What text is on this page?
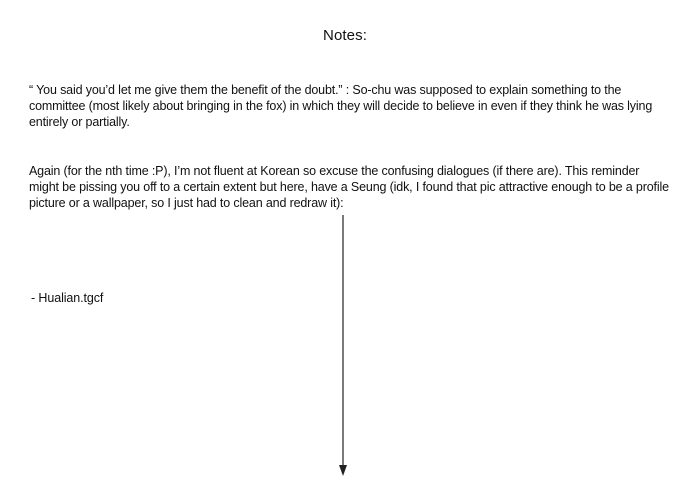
Notes:

“ You said you’d let me give them the benefit of the doubt.” : So-chu was supposed to explain something to the committee (most likely about bringing in the fox) in which they will decide to believe in even if they think he was lying entirely or partially.

Again (for the nth time :P), I’m not fluent at Korean so excuse the confusing dialogues (if there are). This reminder might be pissing you off to a certain extent but here, have a Seung (idk, I found that pic attractive enough to be a profile picture or a wallpaper, so I just had to clean and redraw it):

- Hualian.tgcf
